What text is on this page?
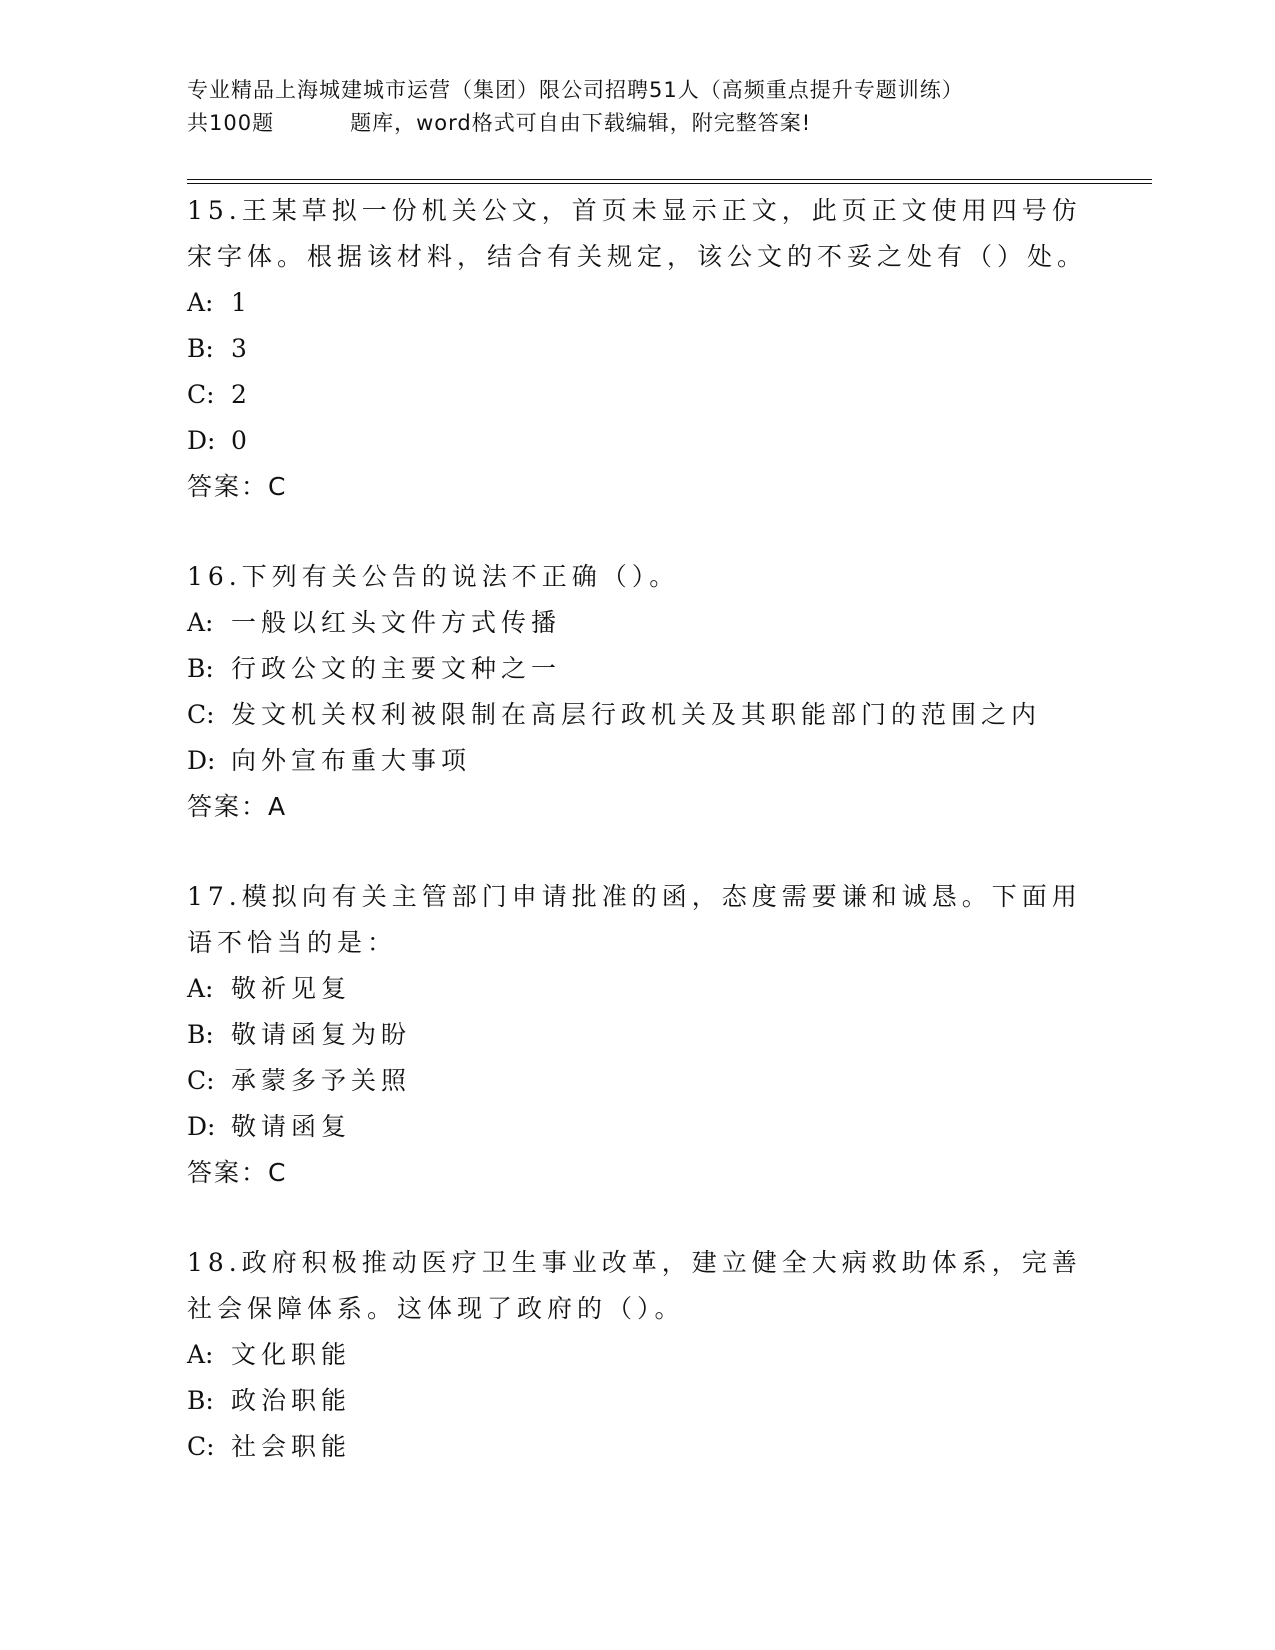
专业精品上海城建城市运营（集团）限公司招聘51人（高频重点提升专题训练）
共100题	题库，word格式可自由下载编辑，附完整答案!
15.王某草拟一份机关公文，首页未显示正文，此页正文使用四号仿宋字体。根据该材料，结合有关规定，该公文的不妥之处有（）处。
A: 1
B: 3
C: 2
D: 0
答案：C
16.下列有关公告的说法不正确（）。
A: 一般以红头文件方式传播
B: 行政公文的主要文种之一
C: 发文机关权利被限制在高层行政机关及其职能部门的范围之内
D: 向外宣布重大事项
答案：A
17.模拟向有关主管部门申请批准的函，态度需要谦和诚恳。下面用语不恰当的是：
A: 敬祈见复
B: 敬请函复为盼
C: 承蒙多予关照
D: 敬请函复
答案：C
18.政府积极推动医疗卫生事业改革，建立健全大病救助体系，完善社会保障体系。这体现了政府的（）。
A: 文化职能
B: 政治职能
C: 社会职能
